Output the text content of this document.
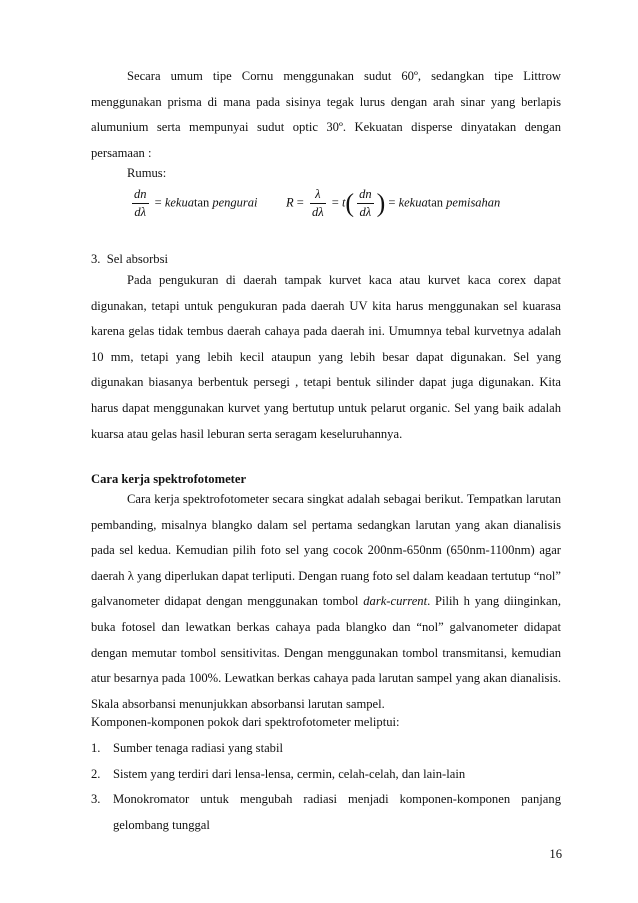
Secara umum tipe Cornu menggunakan sudut 60º, sedangkan tipe Littrow menggunakan prisma di mana pada sisinya tegak lurus dengan arah sinar yang berlapis alumunium serta mempunyai sudut optic 30º. Kekuatan disperse dinyatakan dengan persamaan :

Rumus:

$\frac{dn}{d\lambda}$ = kekuatan pengurai $R = \frac{\lambda}{d\lambda} = t( \frac{dn}{d\lambda}$ ) = kekuatan pemisahan

3. Sel absorbsi

Pada pengukuran di daerah tampak kurvet kaca atau kurvet kaca corex dapat digunakan, tetapi untuk pengukuran pada daerah UV kita harus menggunakan sel kuarasa karena gelas tidak tembus daerah cahaya pada daerah ini. Umumnya tebal kurvetnya adalah 10 mm, tetapi yang lebih kecil ataupun yang lebih besar dapat digunakan. Sel yang digunakan biasanya berbentuk persegi , tetapi bentuk silinder dapat juga digunakan. Kita harus dapat menggunakan kurvet yang bertutup untuk pelarut organic. Sel yang baik adalah kuarsa atau gelas hasil leburan serta seragam keseluruhannya.

Cara kerja spektrofotometer

Cara kerja spektrofotometer secara singkat adalah sebagai berikut. Tempatkan larutan pembanding, misalnya blangko dalam sel pertama sedangkan larutan yang akan dianalisis pada sel kedua. Kemudian pilih foto sel yang cocok 200nm-650nm (650nm-1100nm) agar daerah λ yang diperlukan dapat terliputi. Dengan ruang foto sel dalam keadaan tertutup “nol” galvanometer didapat dengan menggunakan tombol dark-current. Pilih h yang diinginkan, buka fotosel dan lewatkan berkas cahaya pada blangko dan “nol” galvanometer didapat dengan memutar tombol sensitivitas. Dengan menggunakan tombol transmitansi, kemudian atur besarnya pada 100%. Lewatkan berkas cahaya pada larutan sampel yang akan dianalisis. Skala absorbansi menunjukkan absorbansi larutan sampel.

Komponen-komponen pokok dari spektrofotometer meliptui:

1. Sumber tenaga radiasi yang stabil
2. Sistem yang terdiri dari lensa-lensa, cermin, celah-celah, dan lain-lain
3. Monokromator untuk mengubah radiasi menjadi komponen-komponen panjang gelombang tunggal
16
